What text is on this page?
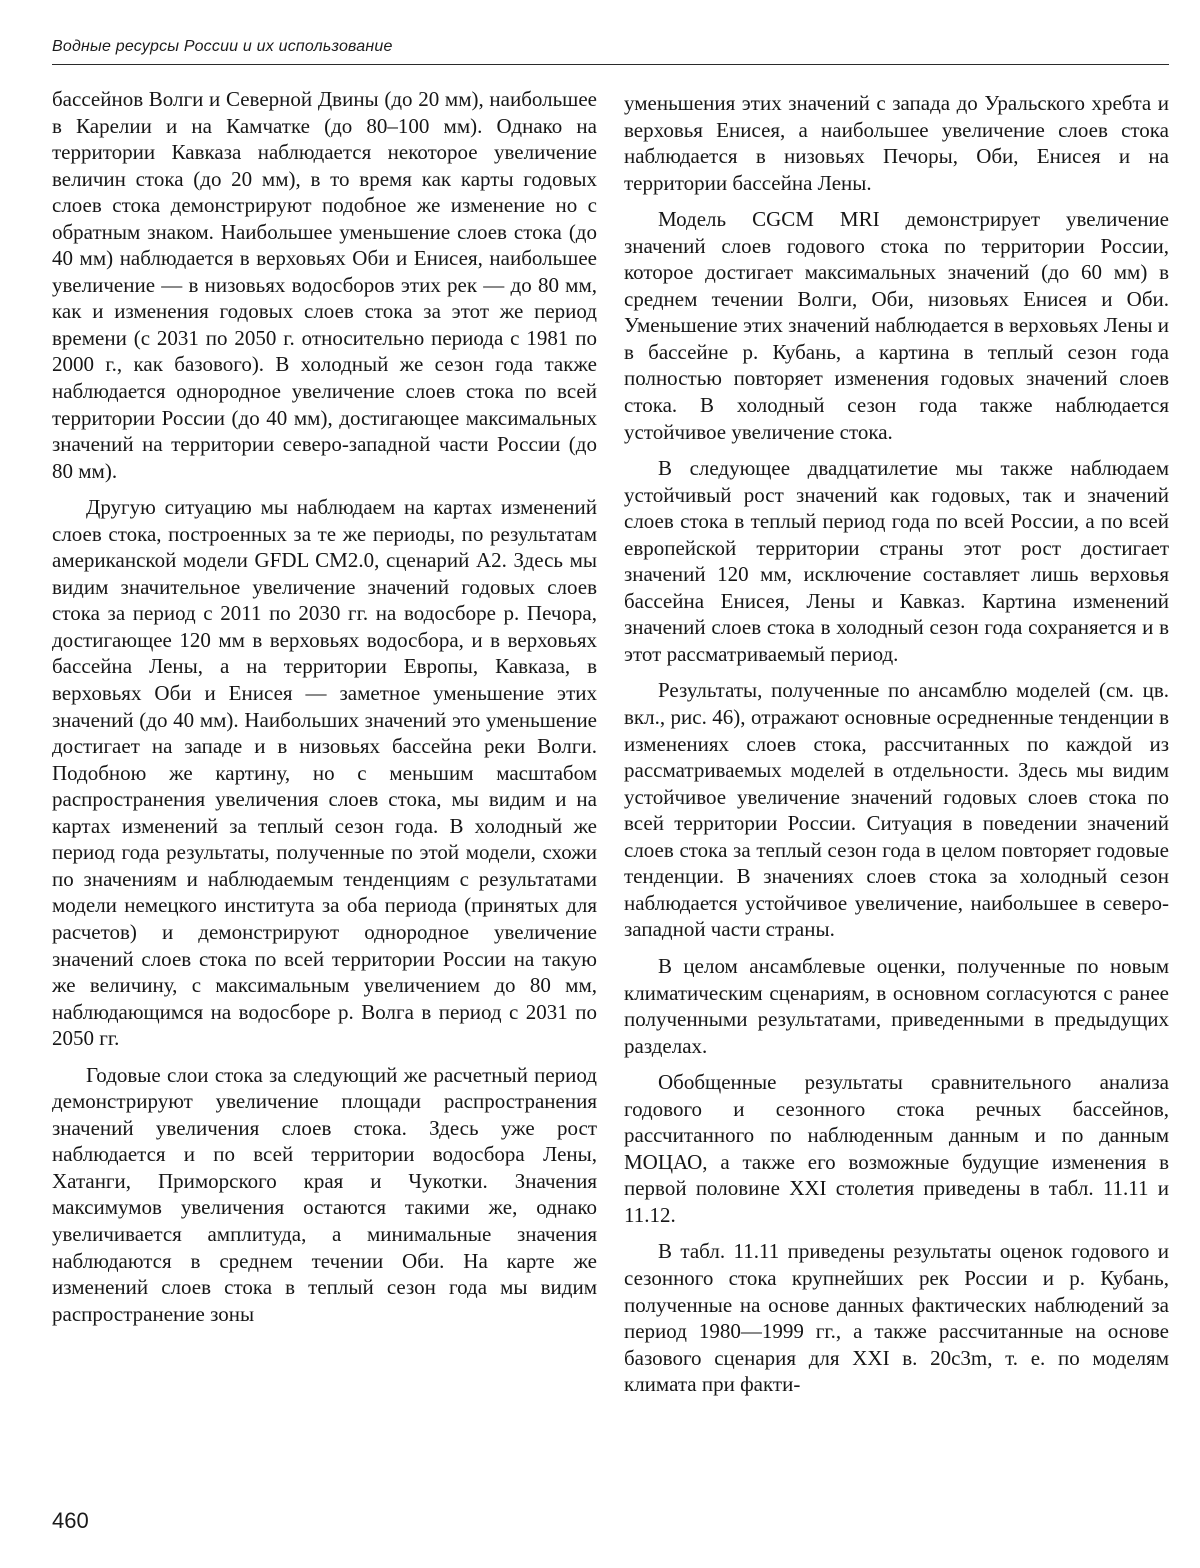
Водные ресурсы России и их использование

бассейнов Волги и Северной Двины (до 20 мм), наибольшее в Карелии и на Камчатке (до 80–100 мм). Однако на территории Кавказа наблюдается некоторое увеличение величин стока (до 20 мм), в то время как карты годовых слоев стока демонстрируют подобное же изменение но с обратным знаком. Наибольшее уменьшение слоев стока (до 40 мм) наблюдается в верховьях Оби и Енисея, наибольшее увеличение — в низовьях водосборов этих рек — до 80 мм, как и изменения годовых слоев стока за этот же период времени (с 2031 по 2050 г. относительно периода с 1981 по 2000 г., как базового). В холодный же сезон года также наблюдается однородное увеличение слоев стока по всей территории России (до 40 мм), достигающее максимальных значений на территории северо-западной части России (до 80 мм).

Другую ситуацию мы наблюдаем на картах изменений слоев стока, построенных за те же периоды, по результатам американской модели GFDL CM2.0, сценарий А2. Здесь мы видим значительное увеличение значений годовых слоев стока за период с 2011 по 2030 гг. на водосборе р. Печора, достигающее 120 мм в верховьях водосбора, и в верховьях бассейна Лены, а на территории Европы, Кавказа, в верховьях Оби и Енисея — заметное уменьшение этих значений (до 40 мм). Наибольших значений это уменьшение достигает на западе и в низовьях бассейна реки Волги. Подобною же картину, но с меньшим масштабом распространения увеличения слоев стока, мы видим и на картах изменений за теплый сезон года. В холодный же период года результаты, полученные по этой модели, схожи по значениям и наблюдаемым тенденциям с результатами модели немецкого института за оба периода (принятых для расчетов) и демонстрируют однородное увеличение значений слоев стока по всей территории России на такую же величину, с максимальным увеличением до 80 мм, наблюдающимся на водосборе р. Волга в период с 2031 по 2050 гг.

Годовые слои стока за следующий же расчетный период демонстрируют увеличение площади распространения значений увеличения слоев стока. Здесь уже рост наблюдается и по всей территории водосбора Лены, Хатанги, Приморского края и Чукотки. Значения максимумов увеличения остаются такими же, однако увеличивается амплитуда, а минимальные значения наблюдаются в среднем течении Оби. На карте же изменений слоев стока в теплый сезон года мы видим распространение зоны

уменьшения этих значений с запада до Уральского хребта и верховья Енисея, а наибольшее увеличение слоев стока наблюдается в низовьях Печоры, Оби, Енисея и на территории бассейна Лены.

Модель CGCM MRI демонстрирует увеличение значений слоев годового стока по территории России, которое достигает максимальных значений (до 60 мм) в среднем течении Волги, Оби, низовьях Енисея и Оби. Уменьшение этих значений наблюдается в верховьях Лены и в бассейне р. Кубань, а картина в теплый сезон года полностью повторяет изменения годовых значений слоев стока. В холодный сезон года также наблюдается устойчивое увеличение стока.

В следующее двадцатилетие мы также наблюдаем устойчивый рост значений как годовых, так и значений слоев стока в теплый период года по всей России, а по всей европейской территории страны этот рост достигает значений 120 мм, исключение составляет лишь верховья бассейна Енисея, Лены и Кавказ. Картина изменений значений слоев стока в холодный сезон года сохраняется и в этот рассматриваемый период.

Результаты, полученные по ансамблю моделей (см. цв. вкл., рис. 46), отражают основные осредненные тенденции в изменениях слоев стока, рассчитанных по каждой из рассматриваемых моделей в отдельности. Здесь мы видим устойчивое увеличение значений годовых слоев стока по всей территории России. Ситуация в поведении значений слоев стока за теплый сезон года в целом повторяет годовые тенденции. В значениях слоев стока за холодный сезон наблюдается устойчивое увеличение, наибольшее в северо-западной части страны.

В целом ансамблевые оценки, полученные по новым климатическим сценариям, в основном согласуются с ранее полученными результатами, приведенными в предыдущих разделах.

Обобщенные результаты сравнительного анализа годового и сезонного стока речных бассейнов, рассчитанного по наблюденным данным и по данным МОЦАО, а также его возможные будущие изменения в первой половине XXI столетия приведены в табл. 11.11 и 11.12.

В табл. 11.11 приведены результаты оценок годового и сезонного стока крупнейших рек России и р. Кубань, полученные на основе данных фактических наблюдений за период 1980—1999 гг., а также рассчитанные на основе базового сценария для XXI в. 20c3m, т. е. по моделям климата при факти-

460
